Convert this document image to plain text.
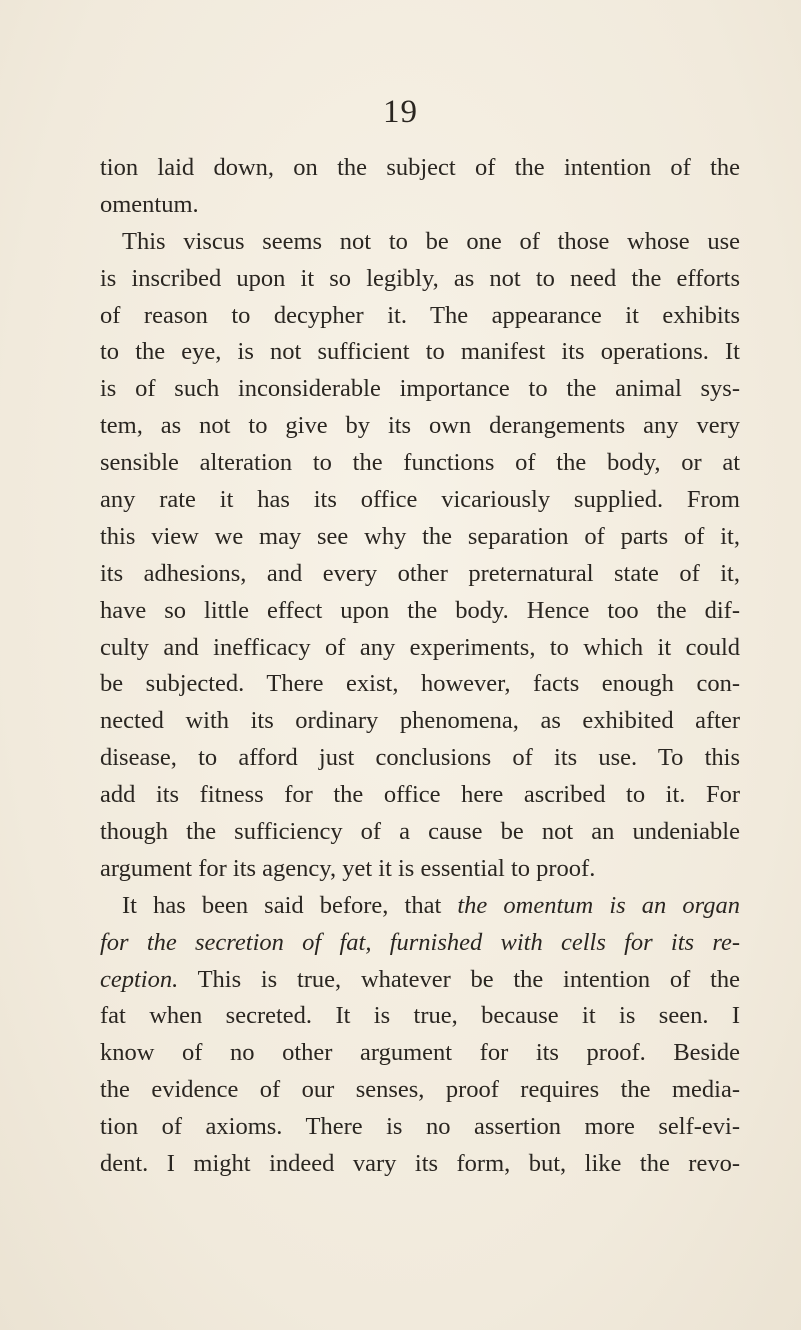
19
tion laid down, on the subject of the intention of the
omentum.
This viscus seems not to be one of those whose use
is inscribed upon it so legibly, as not to need the efforts
of reason to decypher it. The appearance it exhibits
to the eye, is not sufficient to manifest its operations. It
is of such inconsiderable importance to the animal sys-
tem, as not to give by its own derangements any very
sensible alteration to the functions of the body, or at
any rate it has its office vicariously supplied. From
this view we may see why the separation of parts of it,
its adhesions, and every other preternatural state of it,
have so little effect upon the body. Hence too the dif-
culty and inefficacy of any experiments, to which it could
be subjected. There exist, however, facts enough con-
nected with its ordinary phenomena, as exhibited after
disease, to afford just conclusions of its use. To this
add its fitness for the office here ascribed to it. For
though the sufficiency of a cause be not an undeniable
argument for its agency, yet it is essential to proof.
It has been said before, that the omentum is an organ
for the secretion of fat, furnished with cells for its re-
ception. This is true, whatever be the intention of the
fat when secreted. It is true, because it is seen. I
know of no other argument for its proof. Beside
the evidence of our senses, proof requires the media-
tion of axioms. There is no assertion more self-evi-
dent. I might indeed vary its form, but, like the revo-
